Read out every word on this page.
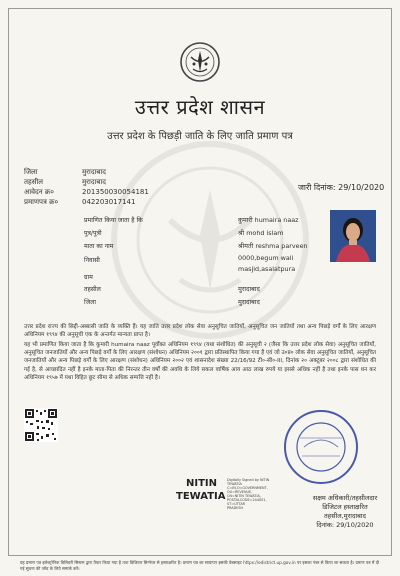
उत्तर प्रदेश शासन
उत्तर प्रदेश के पिछड़ी जाति के लिए जाति प्रमाण पत्र
जिला	मुरादाबाद
तहसील	मुरादाबाद
आवेदन क्र०	201350030054181
प्रमाणपत्र क्र०	042203017141
जारी दिनांक: 29/10/2020
प्रमाणित किया जाता है कि	कुमारी humaira naaz
पुत्र/पुत्री	श्री mohd islam
माता का नाम	श्रीमती reshma parveen
निवासी	0000,begum wali
masjid,asalatpura
ग्राम
तहसील	मुरादाबाद
जिला	मुरादाबाद
उत्तर प्रदेश राज्य की सिद्दी-अब्बासी जाति के व्यक्ति हैं। यह जाति उत्तर प्रदेश लोक सेवा अनुसूचित जातियों, अनुसूचित जन जातियों तथा अन्य पिछड़े वर्गों के लिए आरक्षण अधिनियम १९९४ की अनुसूची एक के अन्तर्गत मान्यता प्राप्त है।
यह भी प्रमाणित किया जाता है कि कुमारी humaira naaz पूर्वोक्त अधिनियम १९९४ (यथा संशोधित) की अनुसूची २ (जैसा कि उत्तर प्रदेश लोक सेवा) अनुसूचित जातियों, अनुसूचित जनजातियों और अन्य पिछड़े वर्गों के लिए आरक्षण (संशोधन) अधिनियम २००१ द्वारा प्रतिस्थापित किया गया है एवं जो उ०प्र० लोक सेवा अनुसूचित जातियों, अनुसूचित जनजातियों और अन्य पिछड़े वर्गों के लिए आरक्षण (संशोधन) अधिनियम २००२ एवं शासनादेश संख्या 22/16/92 टी०-सी०-III, दिनांक २० अक्टूबर २००८ द्वारा संशोधित की गई है, से आच्छादित नहीं है इनके माता-पिता की निरन्तर तीन वर्षों की अवधि के लिये सकल वार्षिक आय आठ लाख रुपये या इससे अधिक नहीं है तथा इनके पास धन कर अधिनियम १९५७ में यथा विहित छूट सीमा से अधिक सम्पत्ति नहीं है।
NITIN
TEWATIA
Digitally Signed by NITIN
TEWATIA
C=IN,O=GOVERNMENT,
OU=REVENUE,
CN=NITIN TEWATIA,
POSTALCODE=244001,
ST=UTTAR
PRADESH
सक्षम अधिकारी/तहसीलदार
डिजिटल हस्ताक्षरित
तहसील,मुरादाबाद
दिनांक: 29/10/2020
यह प्रमाण पत्र इलेक्ट्रॉनिक डिलिवरी सिस्टम द्वारा तैयार किया गया है तथा डिजिटल सिग्नेचर से हस्ताक्षरित है। प्रमाण पत्र का सत्यापन इसकी वेबसाइट https://edistrict.up.gov.in पर इसका नंबर से किया जा सकता है। प्रमाण पत्र में दी गई सूचना की जाँच के लिये सम्पर्क करें।
